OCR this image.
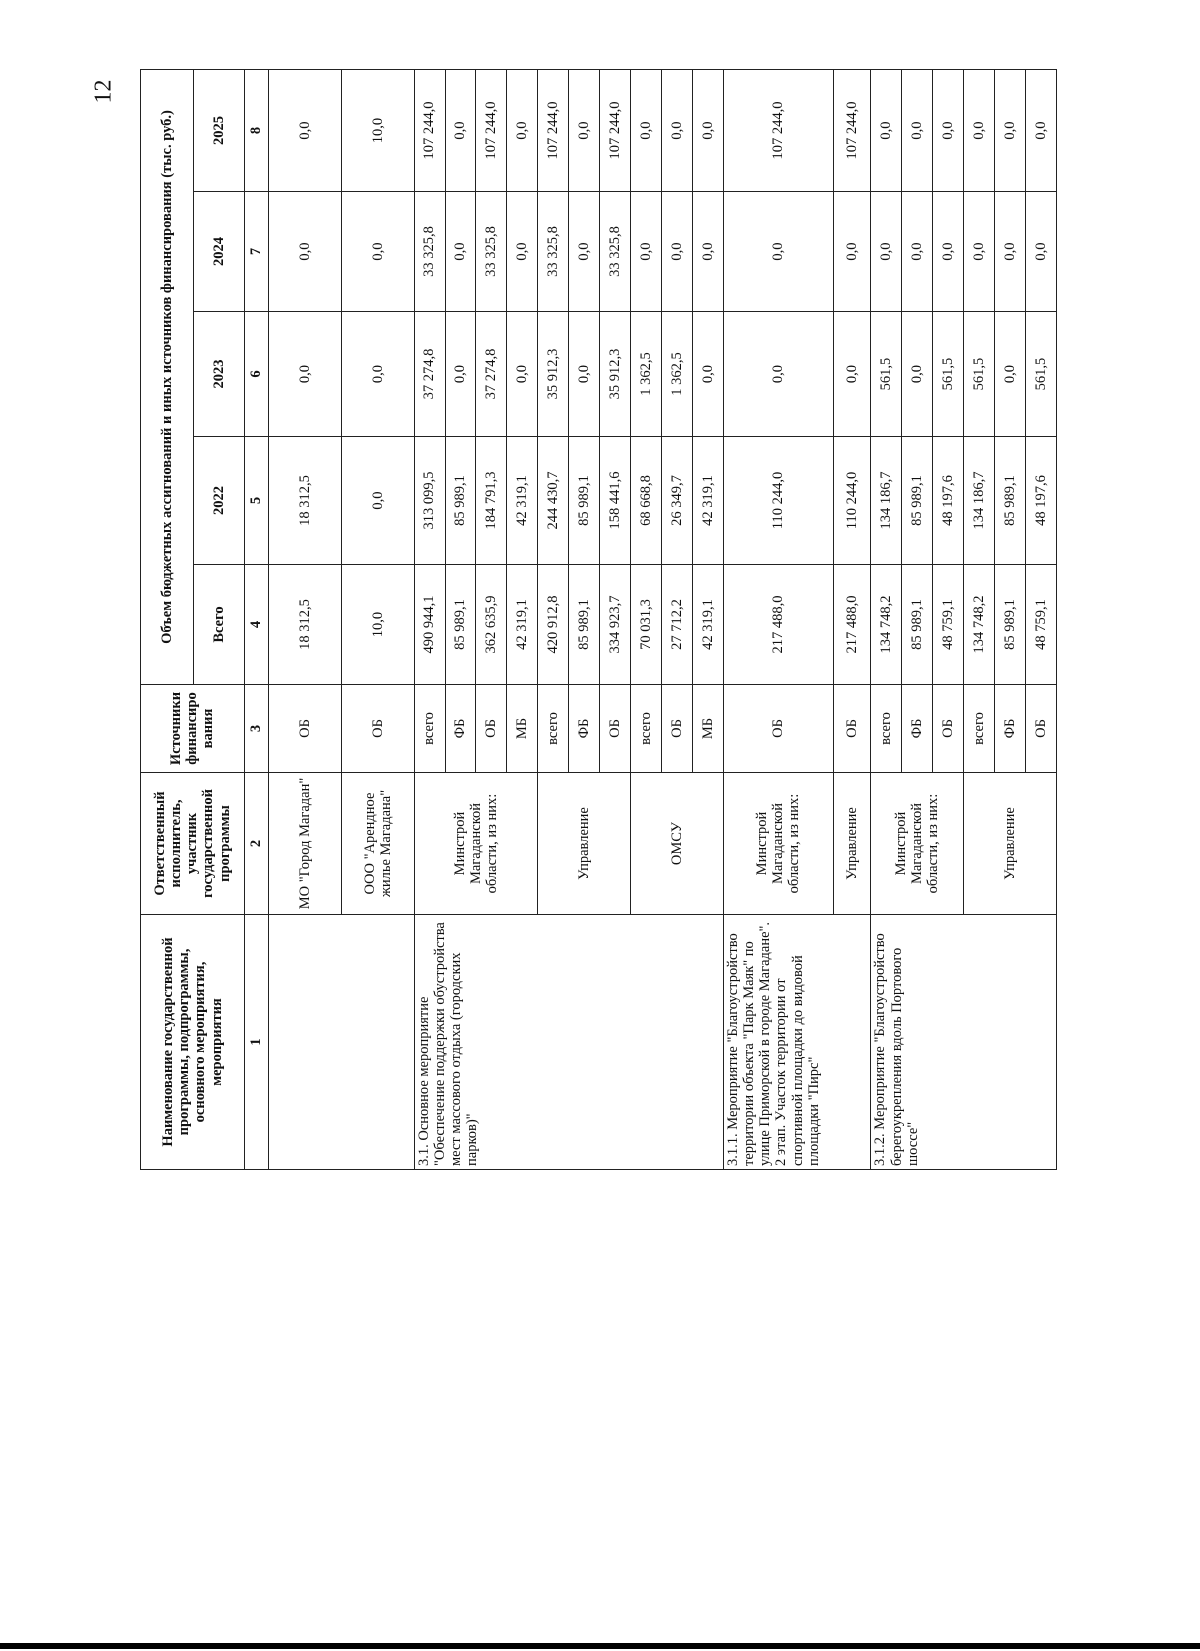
12
Наименование государственной программы, подпрограммы, основного мероприятия, мероприятия	Ответственный исполнитель, участник государственной программы	Источники финансиро вания	Объем бюджетных ассигнований и иных источников финансирования (тыс. руб.)				
			Всего	2022	2023	2024	2025
1	2	3	4	5	6	7	8
	МО "Город Магадан"	ОБ	18 312,5	18 312,5	0,0	0,0	0,0
	ООО "Арендное жилье Магадана"	ОБ	10,0	0,0	0,0	0,0	10,0
3.1. Основное мероприятие "Обеспечение поддержки обустройства мест массового отдыха (городских парков)"	Минстрой Магаданской области, из них:	всего	490 944,1	313 099,5	37 274,8	33 325,8	107 244,0
		ФБ	85 989,1	85 989,1	0,0	0,0	0,0
		ОБ	362 635,9	184 791,3	37 274,8	33 325,8	107 244,0
		МБ	42 319,1	42 319,1	0,0	0,0	0,0
	Управление	всего	420 912,8	244 430,7	35 912,3	33 325,8	107 244,0
		ФБ	85 989,1	85 989,1	0,0	0,0	0,0
		ОБ	334 923,7	158 441,6	35 912,3	33 325,8	107 244,0
	ОМСУ	всего	70 031,3	68 668,8	1 362,5	0,0	0,0
		ОБ	27 712,2	26 349,7	1 362,5	0,0	0,0
		МБ	42 319,1	42 319,1	0,0	0,0	0,0
3.1.1. Мероприятие "Благоустройство территории объекта "Парк Маяк" по улице Приморской в городе Магадане". 2 этап. Участок территории от спортивной площадки до видовой площадки "Пирс"	Минстрой Магаданской области, из них:	ОБ	217 488,0	110 244,0	0,0	0,0	107 244,0
	Управление	ОБ	217 488,0	110 244,0	0,0	0,0	107 244,0
3.1.2. Мероприятие "Благоустройство берегоукрепления вдоль Портового шоссе"	Минстрой Магаданской области, из них:	всего	134 748,2	134 186,7	561,5	0,0	0,0
		ФБ	85 989,1	85 989,1	0,0	0,0	0,0
		ОБ	48 759,1	48 197,6	561,5	0,0	0,0
	Управление	всего	134 748,2	134 186,7	561,5	0,0	0,0
		ФБ	85 989,1	85 989,1	0,0	0,0	0,0
		ОБ	48 759,1	48 197,6	561,5	0,0	0,0
